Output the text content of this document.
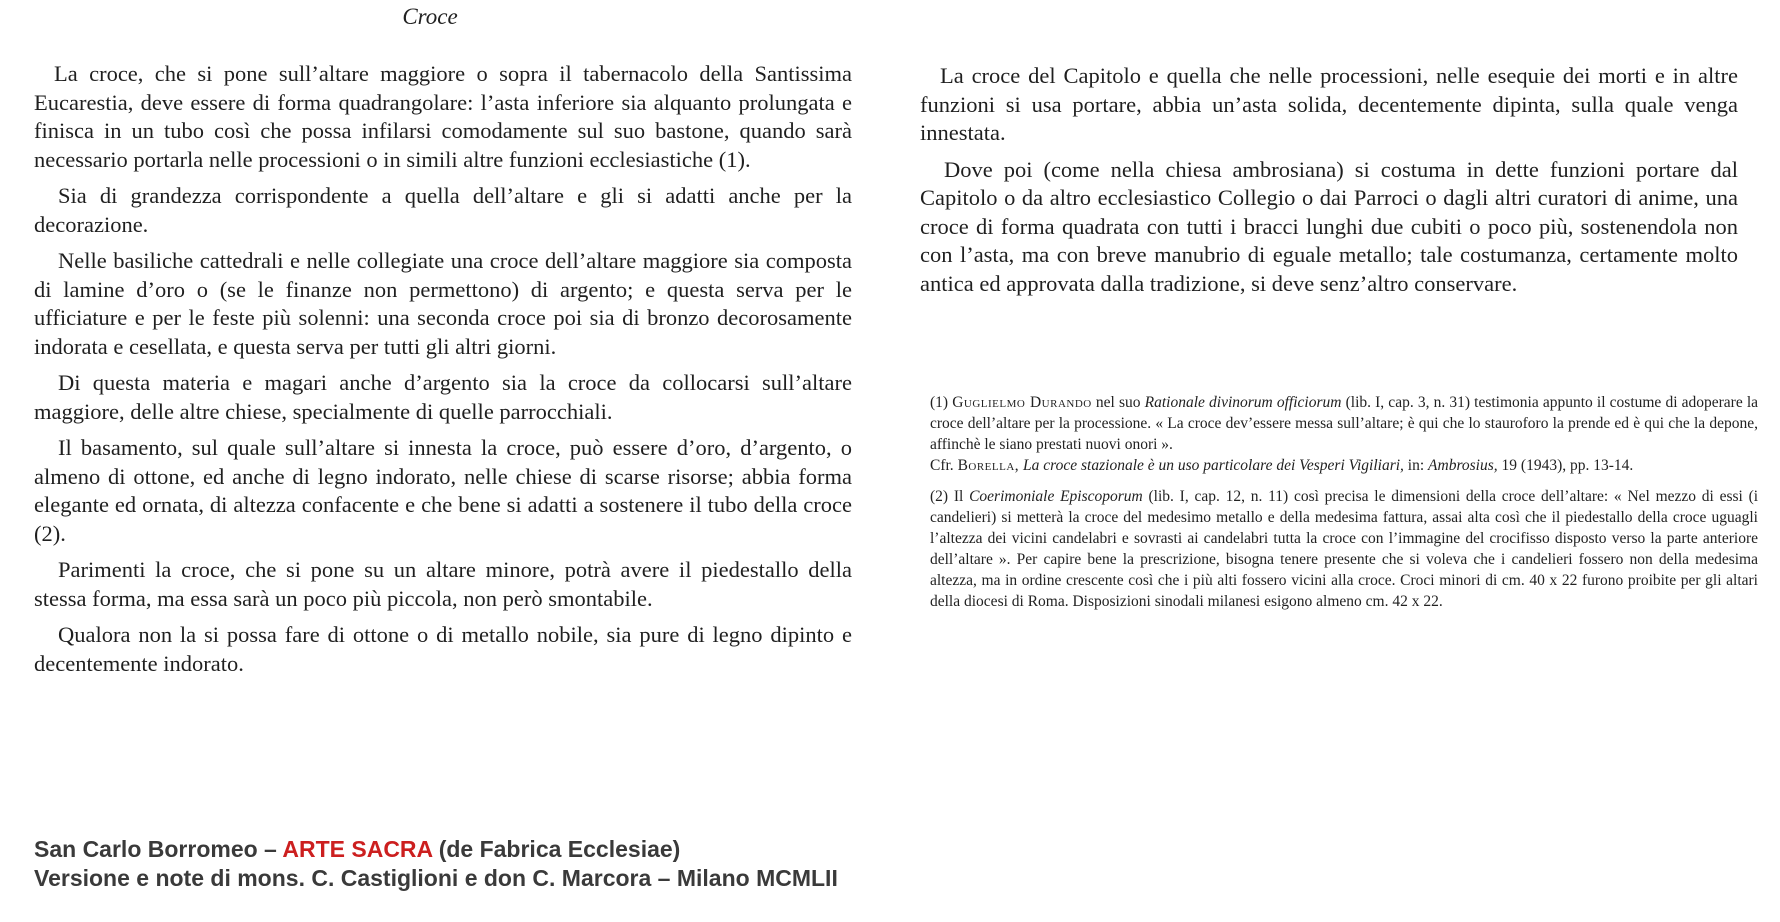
Croce

La croce, che si pone sull’altare maggiore o sopra il tabernacolo della Santissima Eucarestia, deve essere di forma quadrangolare: l’asta inferiore sia alquanto prolungata e finisca in un tubo così che possa infilarsi comodamente sul suo bastone, quando sarà necessario portarla nelle processioni o in simili altre funzioni ecclesiastiche (1).

Sia di grandezza corrispondente a quella dell’altare e gli si adatti anche per la decorazione.

Nelle basiliche cattedrali e nelle collegiate una croce dell’altare maggiore sia composta di lamine d’oro o (se le finanze non permettono) di argento; e questa serva per le ufficiature e per le feste più solenni: una seconda croce poi sia di bronzo decorosamente indorata e cesellata, e questa serva per tutti gli altri giorni.

Di questa materia e magari anche d’argento sia la croce da collocarsi sull’altare maggiore, delle altre chiese, specialmente di quelle parrocchiali.

Il basamento, sul quale sull’altare si innesta la croce, può essere d’oro, d’argento, o almeno di ottone, ed anche di legno indorato, nelle chiese di scarse risorse; abbia forma elegante ed ornata, di altezza confacente e che bene si adatti a sostenere il tubo della croce (2).

Parimenti la croce, che si pone su un altare minore, potrà avere il piedestallo della stessa forma, ma essa sarà un poco più piccola, non però smontabile.

Qualora non la si possa fare di ottone o di metallo nobile, sia pure di legno dipinto e decentemente indorato.

La croce del Capitolo e quella che nelle processioni, nelle esequie dei morti e in altre funzioni si usa portare, abbia un’asta solida, decentemente dipinta, sulla quale venga innestata.

Dove poi (come nella chiesa ambrosiana) si costuma in dette funzioni portare dal Capitolo o da altro ecclesiastico Collegio o dai Parroci o dagli altri curatori di anime, una croce di forma quadrata con tutti i bracci lunghi due cubiti o poco più, sostenendola non con l’asta, ma con breve manubrio di eguale metallo; tale costumanza, certamente molto antica ed approvata dalla tradizione, si deve senz’altro conservare.

(1) Guglielmo Durando nel suo Rationale divinorum officiorum (lib. I, cap. 3, n. 31) testimonia appunto il costume di adoperare la croce dell’altare per la processione. « La croce dev’essere messa sull’altare; è qui che lo stauroforo la prende ed è qui che la depone, affinchè le siano prestati nuovi onori ».

Cfr. Borella, La croce stazionale è un uso particolare dei Vesperi Vigiliari, in: Ambrosius, 19 (1943), pp. 13-14.

(2) Il Coerimoniale Episcoporum (lib. I, cap. 12, n. 11) così precisa le dimensioni della croce dell’altare: « Nel mezzo di essi (i candelieri) si metterà la croce del medesimo metallo e della medesima fattura, assai alta così che il piedestallo della croce uguagli l’altezza dei vicini candelabri e sovrasti ai candelabri tutta la croce con l’immagine del crocifisso disposto verso la parte anteriore dell’altare ». Per capire bene la prescrizione, bisogna tenere presente che si voleva che i candelieri fossero non della medesima altezza, ma in ordine crescente così che i più alti fossero vicini alla croce. Croci minori di cm. 40 x 22 furono proibite per gli altari della diocesi di Roma. Disposizioni sinodali milanesi esigono almeno cm. 42 x 22.

San Carlo Borromeo – ARTE SACRA (de Fabrica Ecclesiae)
Versione e note di mons. C. Castiglioni e don C. Marcora – Milano MCMLII
